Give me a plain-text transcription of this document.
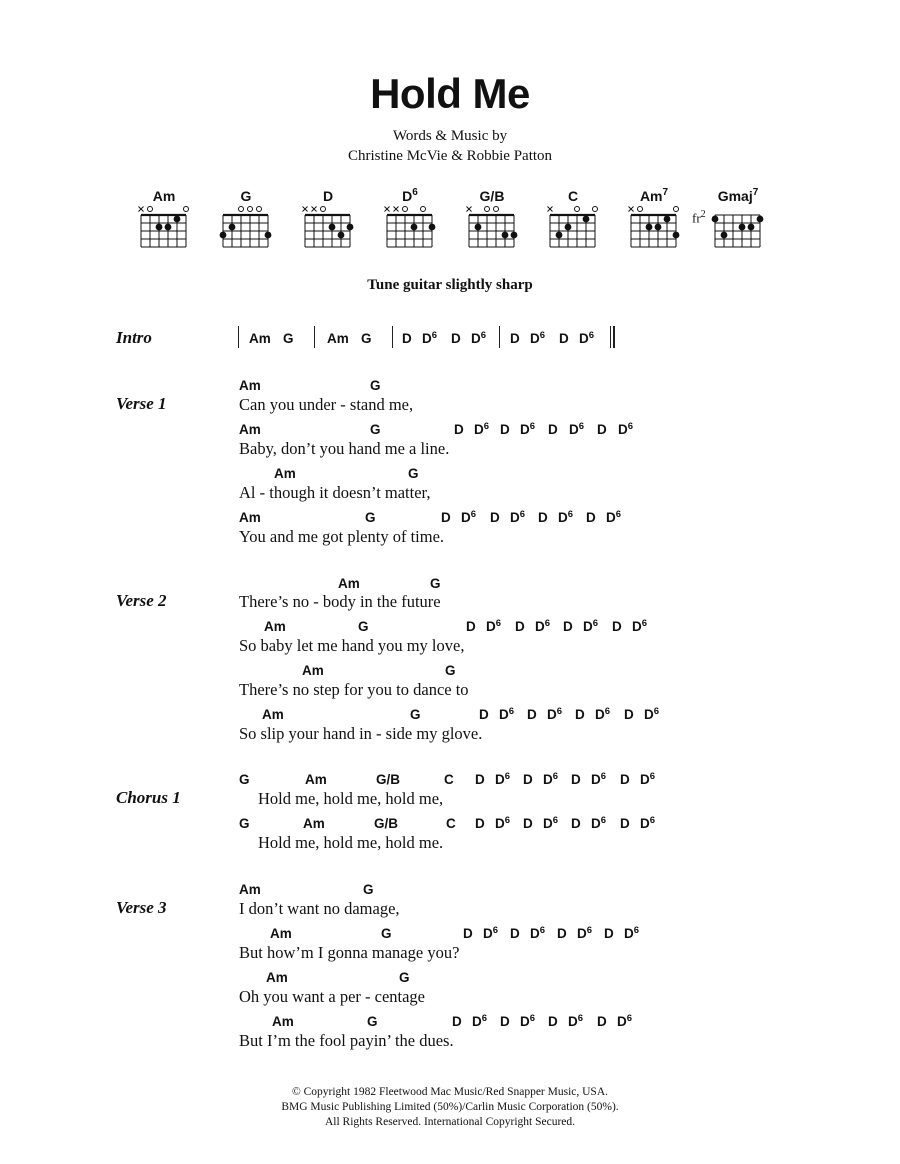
Hold Me
Words & Music by
Christine McVie & Robbie Patton
Am	G	D	$D^6$	G/B	C	Am$^7$	Gmaj$^7$
$fr^2$
Tune guitar slightly sharp
Intro	Am G Am G D $D^6$ D $D^6$ D $D^6$ D $D^6$
Verse 1
Am	G
Can you under - stand me,
Am	G	D $D^6$ D $D^6$ D $D^6$ D $D^6$
Baby, don’t you hand me a line.
Am	G
Al - though it doesn’t matter,
Am	G	D $D^6$ D $D^6$ D $D^6$ D $D^6$
You and me got plenty of time.
Verse 2
Am	G
There’s no - body in the future
Am	G	D $D^6$ D $D^6$ D $D^6$ D $D^6$
So baby let me hand you my love,
Am	G
There’s no step for you to dance to
Am	G	D $D^6$ D $D^6$ D $D^6$ D $D^6$
So slip your hand in - side my glove.
Chorus 1
G	Am	G/B	C D $D^6$ D $D^6$ D $D^6$ D $D^6$
Hold me, hold me, hold me,
G	Am	G/B	C D $D^6$ D $D^6$ D $D^6$ D $D^6$
Hold me, hold me, hold me.
Verse 3
Am	G
I don’t want no damage,
Am	G	D $D^6$ D $D^6$ D $D^6$ D $D^6$
But how’m I gonna manage you?
Am	G
Oh you want a per - centage
Am	G	D $D^6$ D $D^6$ D $D^6$ D $D^6$
But I’m the fool payin’ the dues.
© Copyright 1982 Fleetwood Mac Music/Red Snapper Music, USA.
BMG Music Publishing Limited (50%)/Carlin Music Corporation (50%).
All Rights Reserved. International Copyright Secured.
